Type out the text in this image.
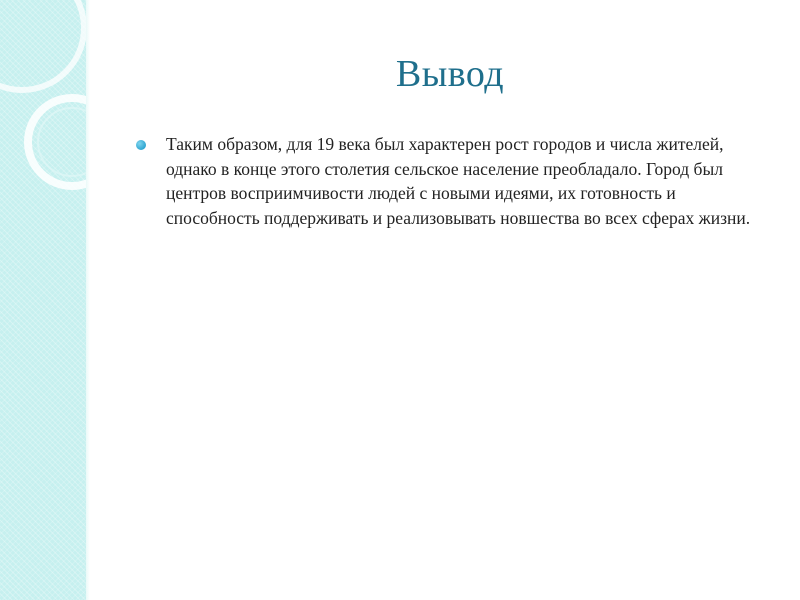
Вывод
Таким образом, для 19 века был характерен рост городов и числа жителей, однако в конце этого столетия сельское население преобладало. Город был центров восприимчивости людей с новыми идеями, их готовность и способность поддерживать и реализовывать новшества во всех сферах жизни.
